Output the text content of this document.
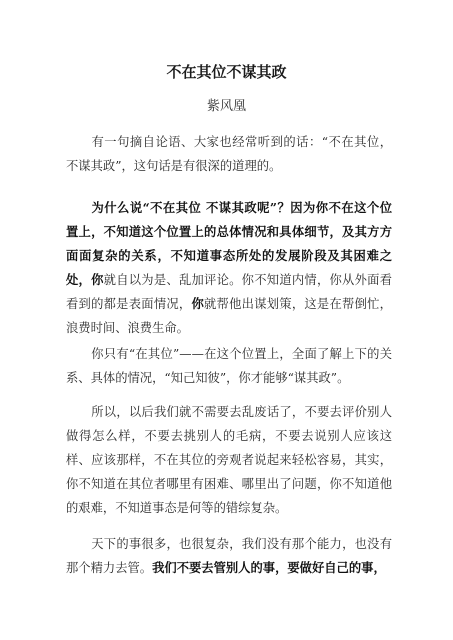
不在其位不谋其政
紫风凰

有一句摘自论语、大家也经常听到的话：“不在其位，不谋其政”，这句话是有很深的道理的。

为什么说“不在其位 不谋其政呢”？因为你不在这个位置上，不知道这个位置上的总体情况和具体细节，及其方方面面复杂的关系，不知道事态所处的发展阶段及其困难之处，你就自以为是、乱加评论。你不知道内情，你从外面看看到的都是表面情况，你就帮他出谋划策，这是在帮倒忙，浪费时间、浪费生命。

你只有“在其位”——在这个位置上，全面了解上下的关系、具体的情况，“知己知彼”，你才能够“谋其政”。

所以，以后我们就不需要去乱废话了，不要去评价别人做得怎么样，不要去挑别人的毛病，不要去说别人应该这样、应该那样，不在其位的旁观者说起来轻松容易，其实，你不知道在其位者哪里有困难、哪里出了问题，你不知道他的艰难，不知道事态是何等的错综复杂。

天下的事很多，也很复杂，我们没有那个能力，也没有那个精力去管。我们不要去管别人的事，要做好自己的事，
